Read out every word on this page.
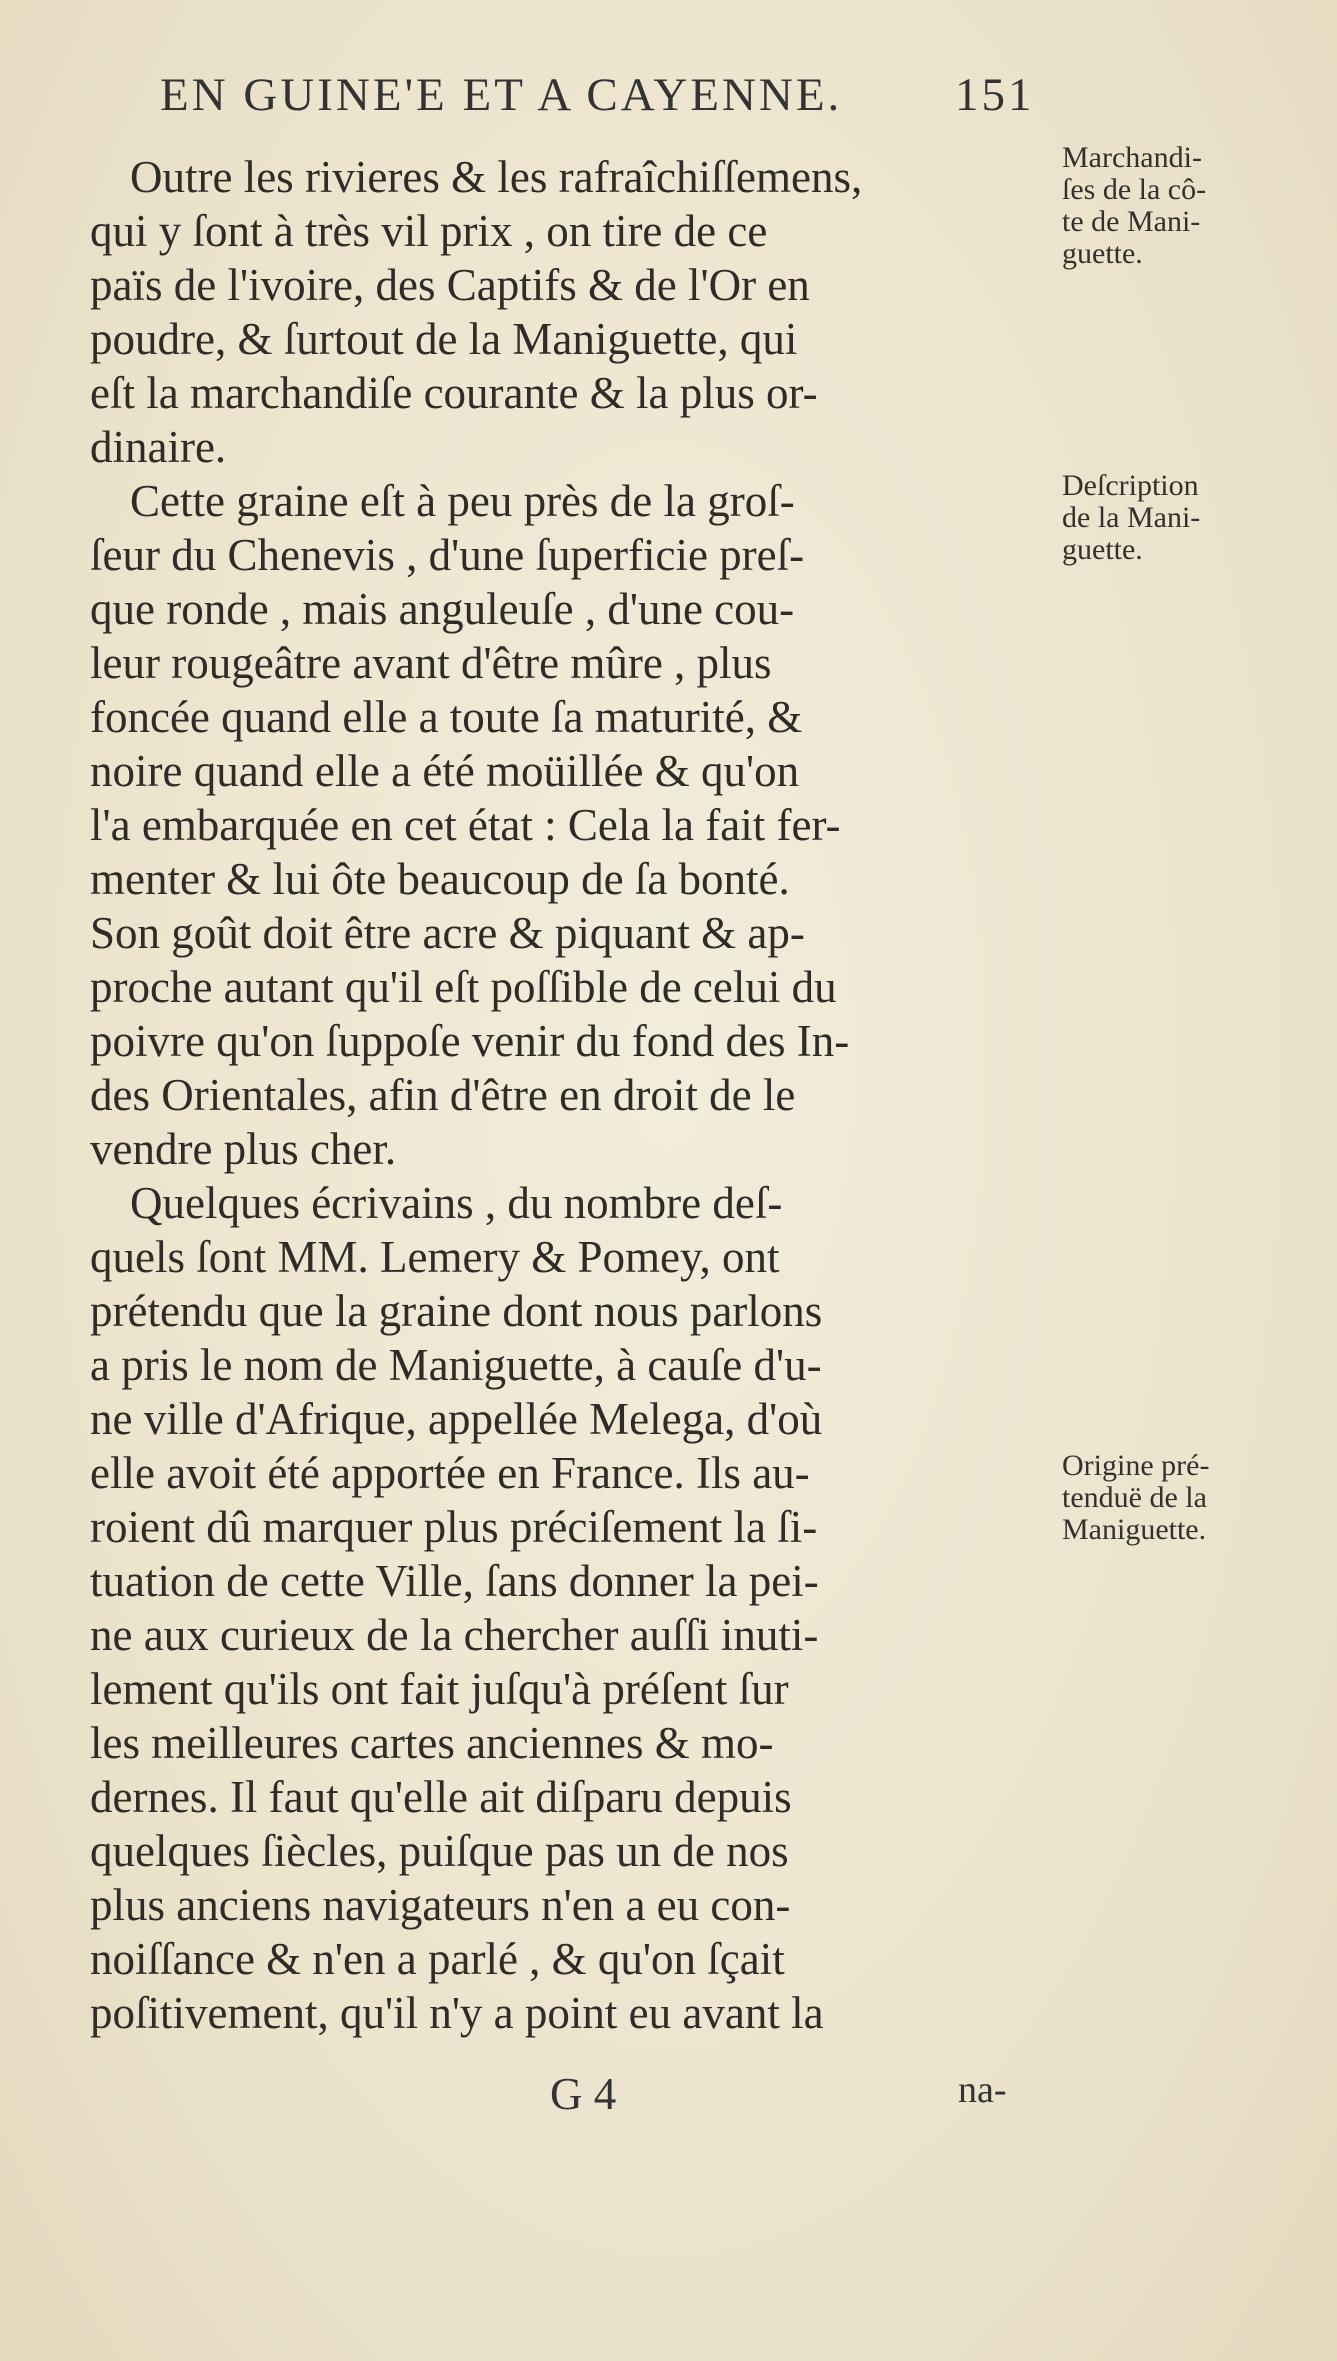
EN GUINE'E ET A CAYENNE. 151
Outre les rivieres & les rafraîchiſſemens,
qui y ſont à très vil prix , on tire de ce
païs de l'ivoire, des Captifs & de l'Or en
poudre, & ſurtout de la Maniguette, qui
eſt la marchandiſe courante & la plus or-
dinaire.
Cette graine eſt à peu près de la groſ-
ſeur du Chenevis , d'une ſuperficie preſ-
que ronde , mais anguleuſe , d'une cou-
leur rougeâtre avant d'être mûre , plus
foncée quand elle a toute ſa maturité, &
noire quand elle a été moüillée & qu'on
l'a embarquée en cet état : Cela la fait fer-
menter & lui ôte beaucoup de ſa bonté.
Son goût doit être acre & piquant & ap-
proche autant qu'il eſt poſſible de celui du
poivre qu'on ſuppoſe venir du fond des In-
des Orientales, afin d'être en droit de le
vendre plus cher.
Quelques écrivains , du nombre deſ-
quels ſont MM. Lemery & Pomey, ont
prétendu que la graine dont nous parlons
a pris le nom de Maniguette, à cauſe d'u-
ne ville d'Afrique, appellée Melega, d'où
elle avoit été apportée en France. Ils au-
roient dû marquer plus préciſement la ſi-
tuation de cette Ville, ſans donner la pei-
ne aux curieux de la chercher auſſi inuti-
lement qu'ils ont fait juſqu'à préſent ſur
les meilleures cartes anciennes & mo-
dernes. Il faut qu'elle ait diſparu depuis
quelques ſiècles, puiſque pas un de nos
plus anciens navigateurs n'en a eu con-
noiſſance & n'en a parlé , & qu'on ſçait
poſitivement, qu'il n'y a point eu avant la
Marchandi-
ſes de la cô-
te de Mani-
guette.
Deſcription
de la Mani-
guette.
Origine pré-
tenduë de la
Maniguette.
G 4	na-
